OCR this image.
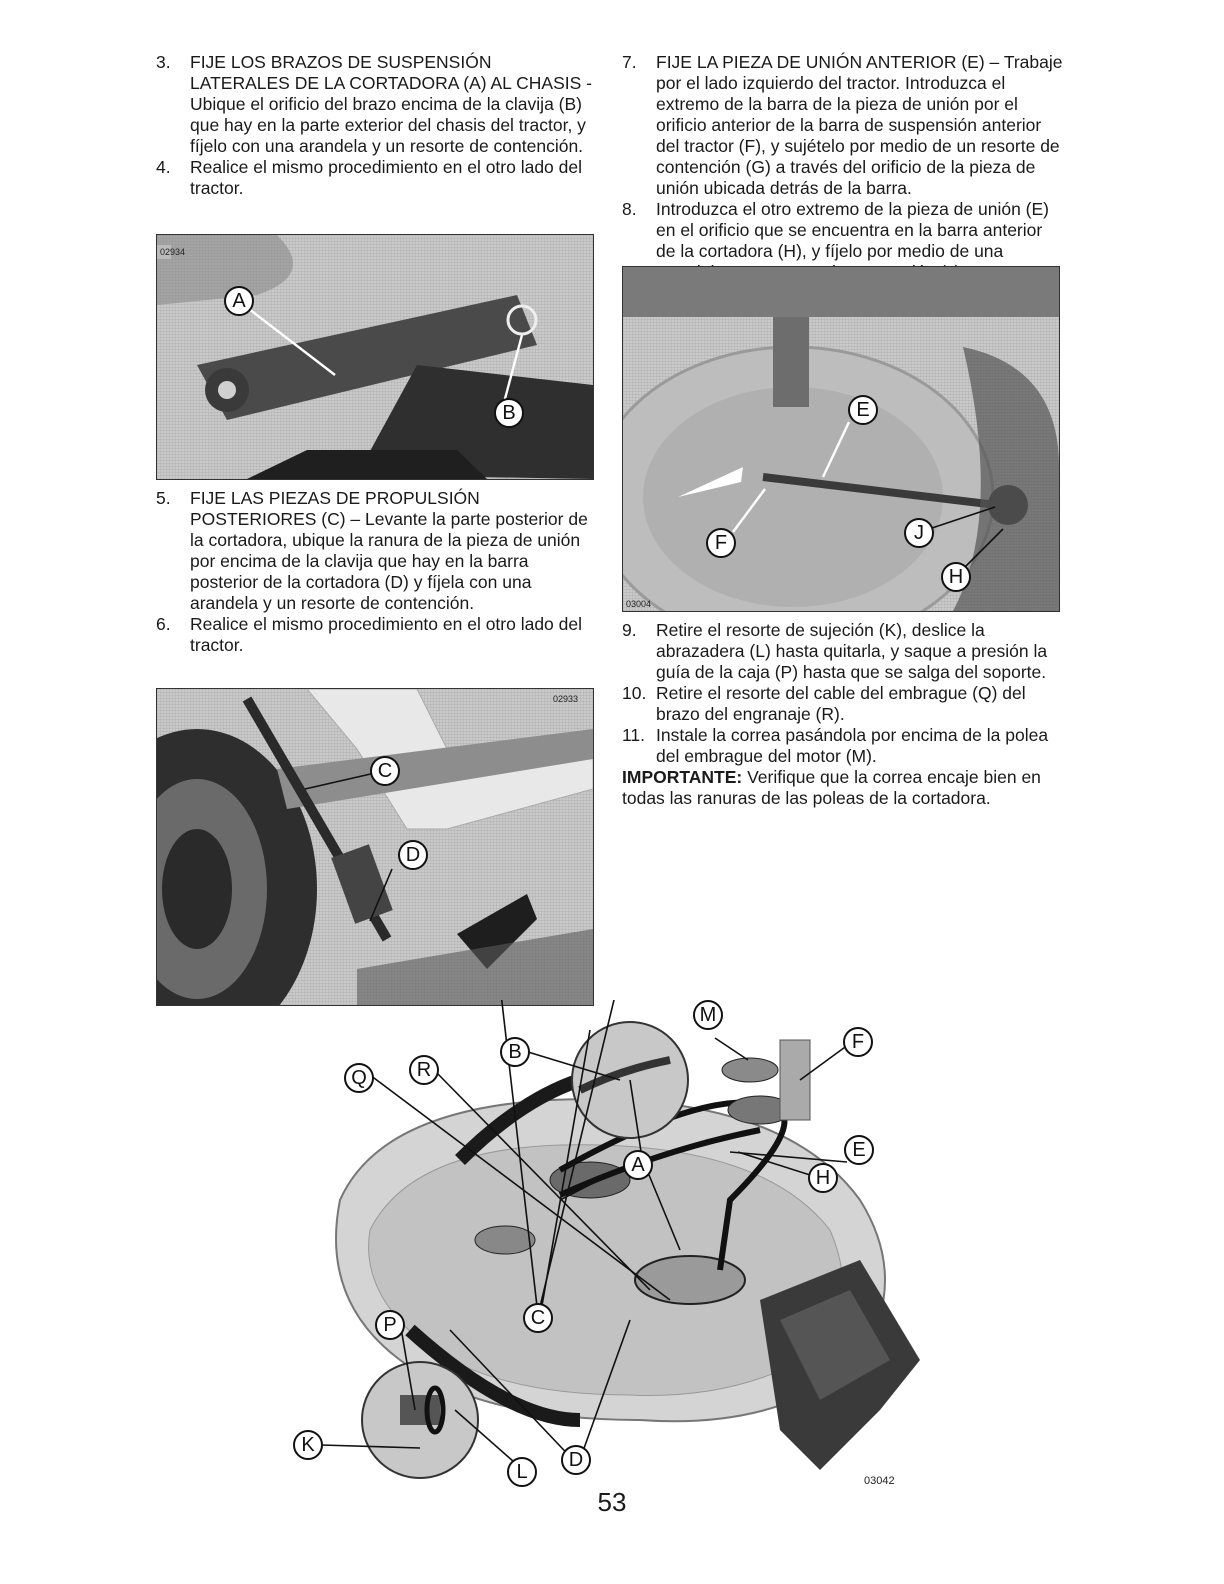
3.	FIJE LOS BRAZOS DE SUSPENSIÓN LATERALES DE LA CORTADORA (A) AL CHASIS - Ubique el orificio del brazo encima de la clavija (B) que hay en la parte exterior del chasis del tractor, y fíjelo con una arandela y un resorte de contención.
4.	Realice el mismo procedimiento en el otro lado del tractor.
02934
A
B
5.	FIJE LAS PIEZAS DE PROPULSIÓN POSTERIORES (C) – Levante la parte posterior de la cortadora, ubique la ranura de la pieza de unión por encima de la clavija que hay en la barra posterior de la cortadora (D) y fíjela con una arandela y un resorte de contención.
6.	Realice el mismo procedimiento en el otro lado del tractor.
02933
C
D
7.	FIJE LA PIEZA DE UNIÓN ANTERIOR (E) – Trabaje por el lado izquierdo del tractor. Introduzca el extremo de la barra de la pieza de unión por el orificio anterior de la barra de suspensión anterior del tractor (F), y sujételo por medio de un resorte de contención (G) a través del orificio de la pieza de unión ubicada detrás de la barra.
8.	Introduzca el otro extremo de la pieza de unión (E) en el orificio que se encuentra en la barra anterior de la cortadora (H), y fíjelo por medio de una
03004
E
F	J
H
9.	Retire el resorte de sujeción (K), deslice la abrazadera (L) hasta quitarla, y saque a presión la guía de la caja (P) hasta que se salga del soporte.
10. Retire el resorte del cable del embrague (Q) del brazo del engranaje (R).
11. Instale la correa pasándola por encima de la polea del embrague del motor (M).
IMPORTANTE: Verifique que la correa encaje bien en todas las ranuras de las poleas de la cortadora.
M
B	F
Q R
E
A
H
P	C
K
L
D
03042
53
